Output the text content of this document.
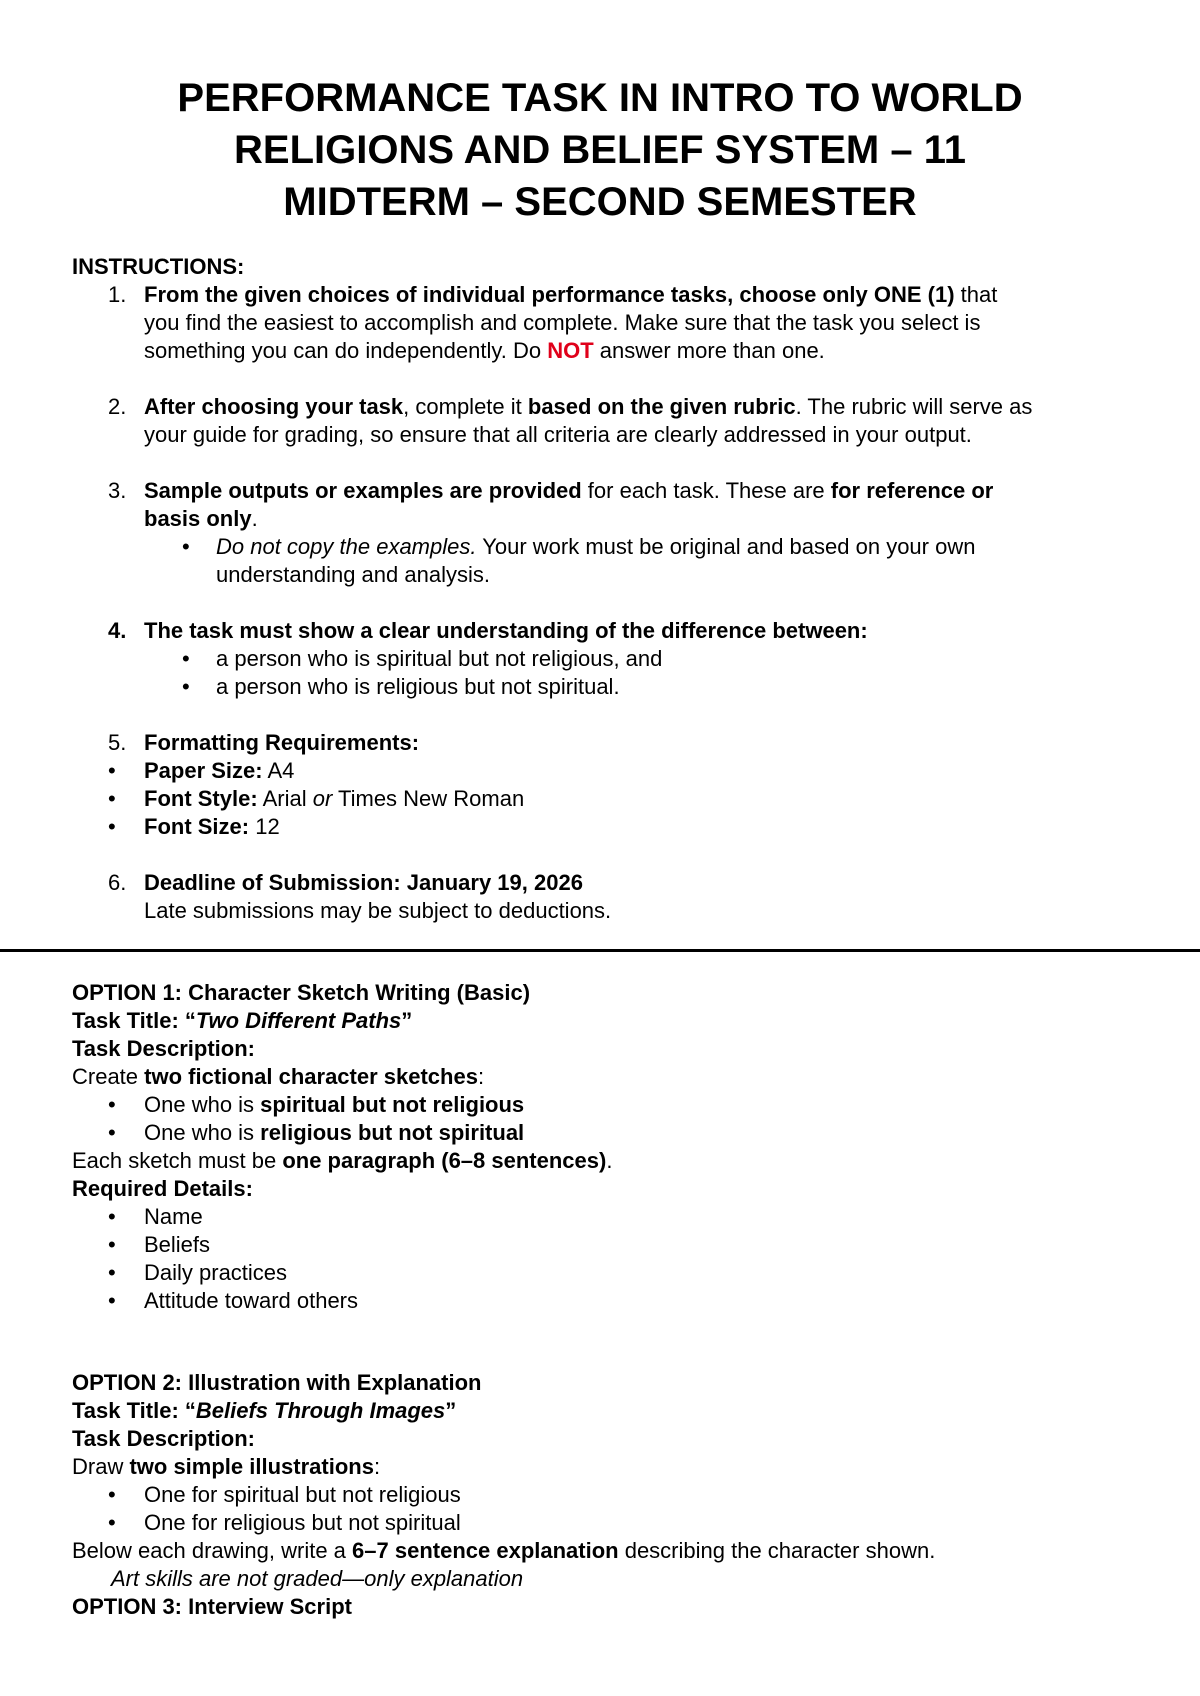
PERFORMANCE TASK IN INTRO TO WORLD
RELIGIONS AND BELIEF SYSTEM – 11
MIDTERM – SECOND SEMESTER
INSTRUCTIONS:
1. From the given choices of individual performance tasks, choose only ONE (1) that
you find the easiest to accomplish and complete. Make sure that the task you select is
something you can do independently. Do NOT answer more than one.
2. After choosing your task, complete it based on the given rubric. The rubric will serve as
your guide for grading, so ensure that all criteria are clearly addressed in your output.
3. Sample outputs or examples are provided for each task. These are for reference or
basis only.
•
Do not copy the examples. Your work must be original and based on your own
understanding and analysis.
4. The task must show a clear understanding of the difference between:
•
a person who is spiritual but not religious, and
•
a person who is religious but not spiritual.
5. Formatting Requirements:
•
Paper Size: A4
•
Font Style: Arial or Times New Roman
•
Font Size: 12
6. Deadline of Submission: January 19, 2026
Late submissions may be subject to deductions.
OPTION 1: Character Sketch Writing (Basic)
Task Title: “Two Different Paths”
Task Description:
Create two fictional character sketches:
•
One who is spiritual but not religious
•
One who is religious but not spiritual
Each sketch must be one paragraph (6–8 sentences).
Required Details:
•
Name
•
Beliefs
•
Daily practices
•
Attitude toward others
OPTION 2: Illustration with Explanation
Task Title: “Beliefs Through Images”
Task Description:
Draw two simple illustrations:
•
One for spiritual but not religious
•
One for religious but not spiritual
Below each drawing, write a 6–7 sentence explanation describing the character shown.
Art skills are not graded—only explanation
OPTION 3: Interview Script
